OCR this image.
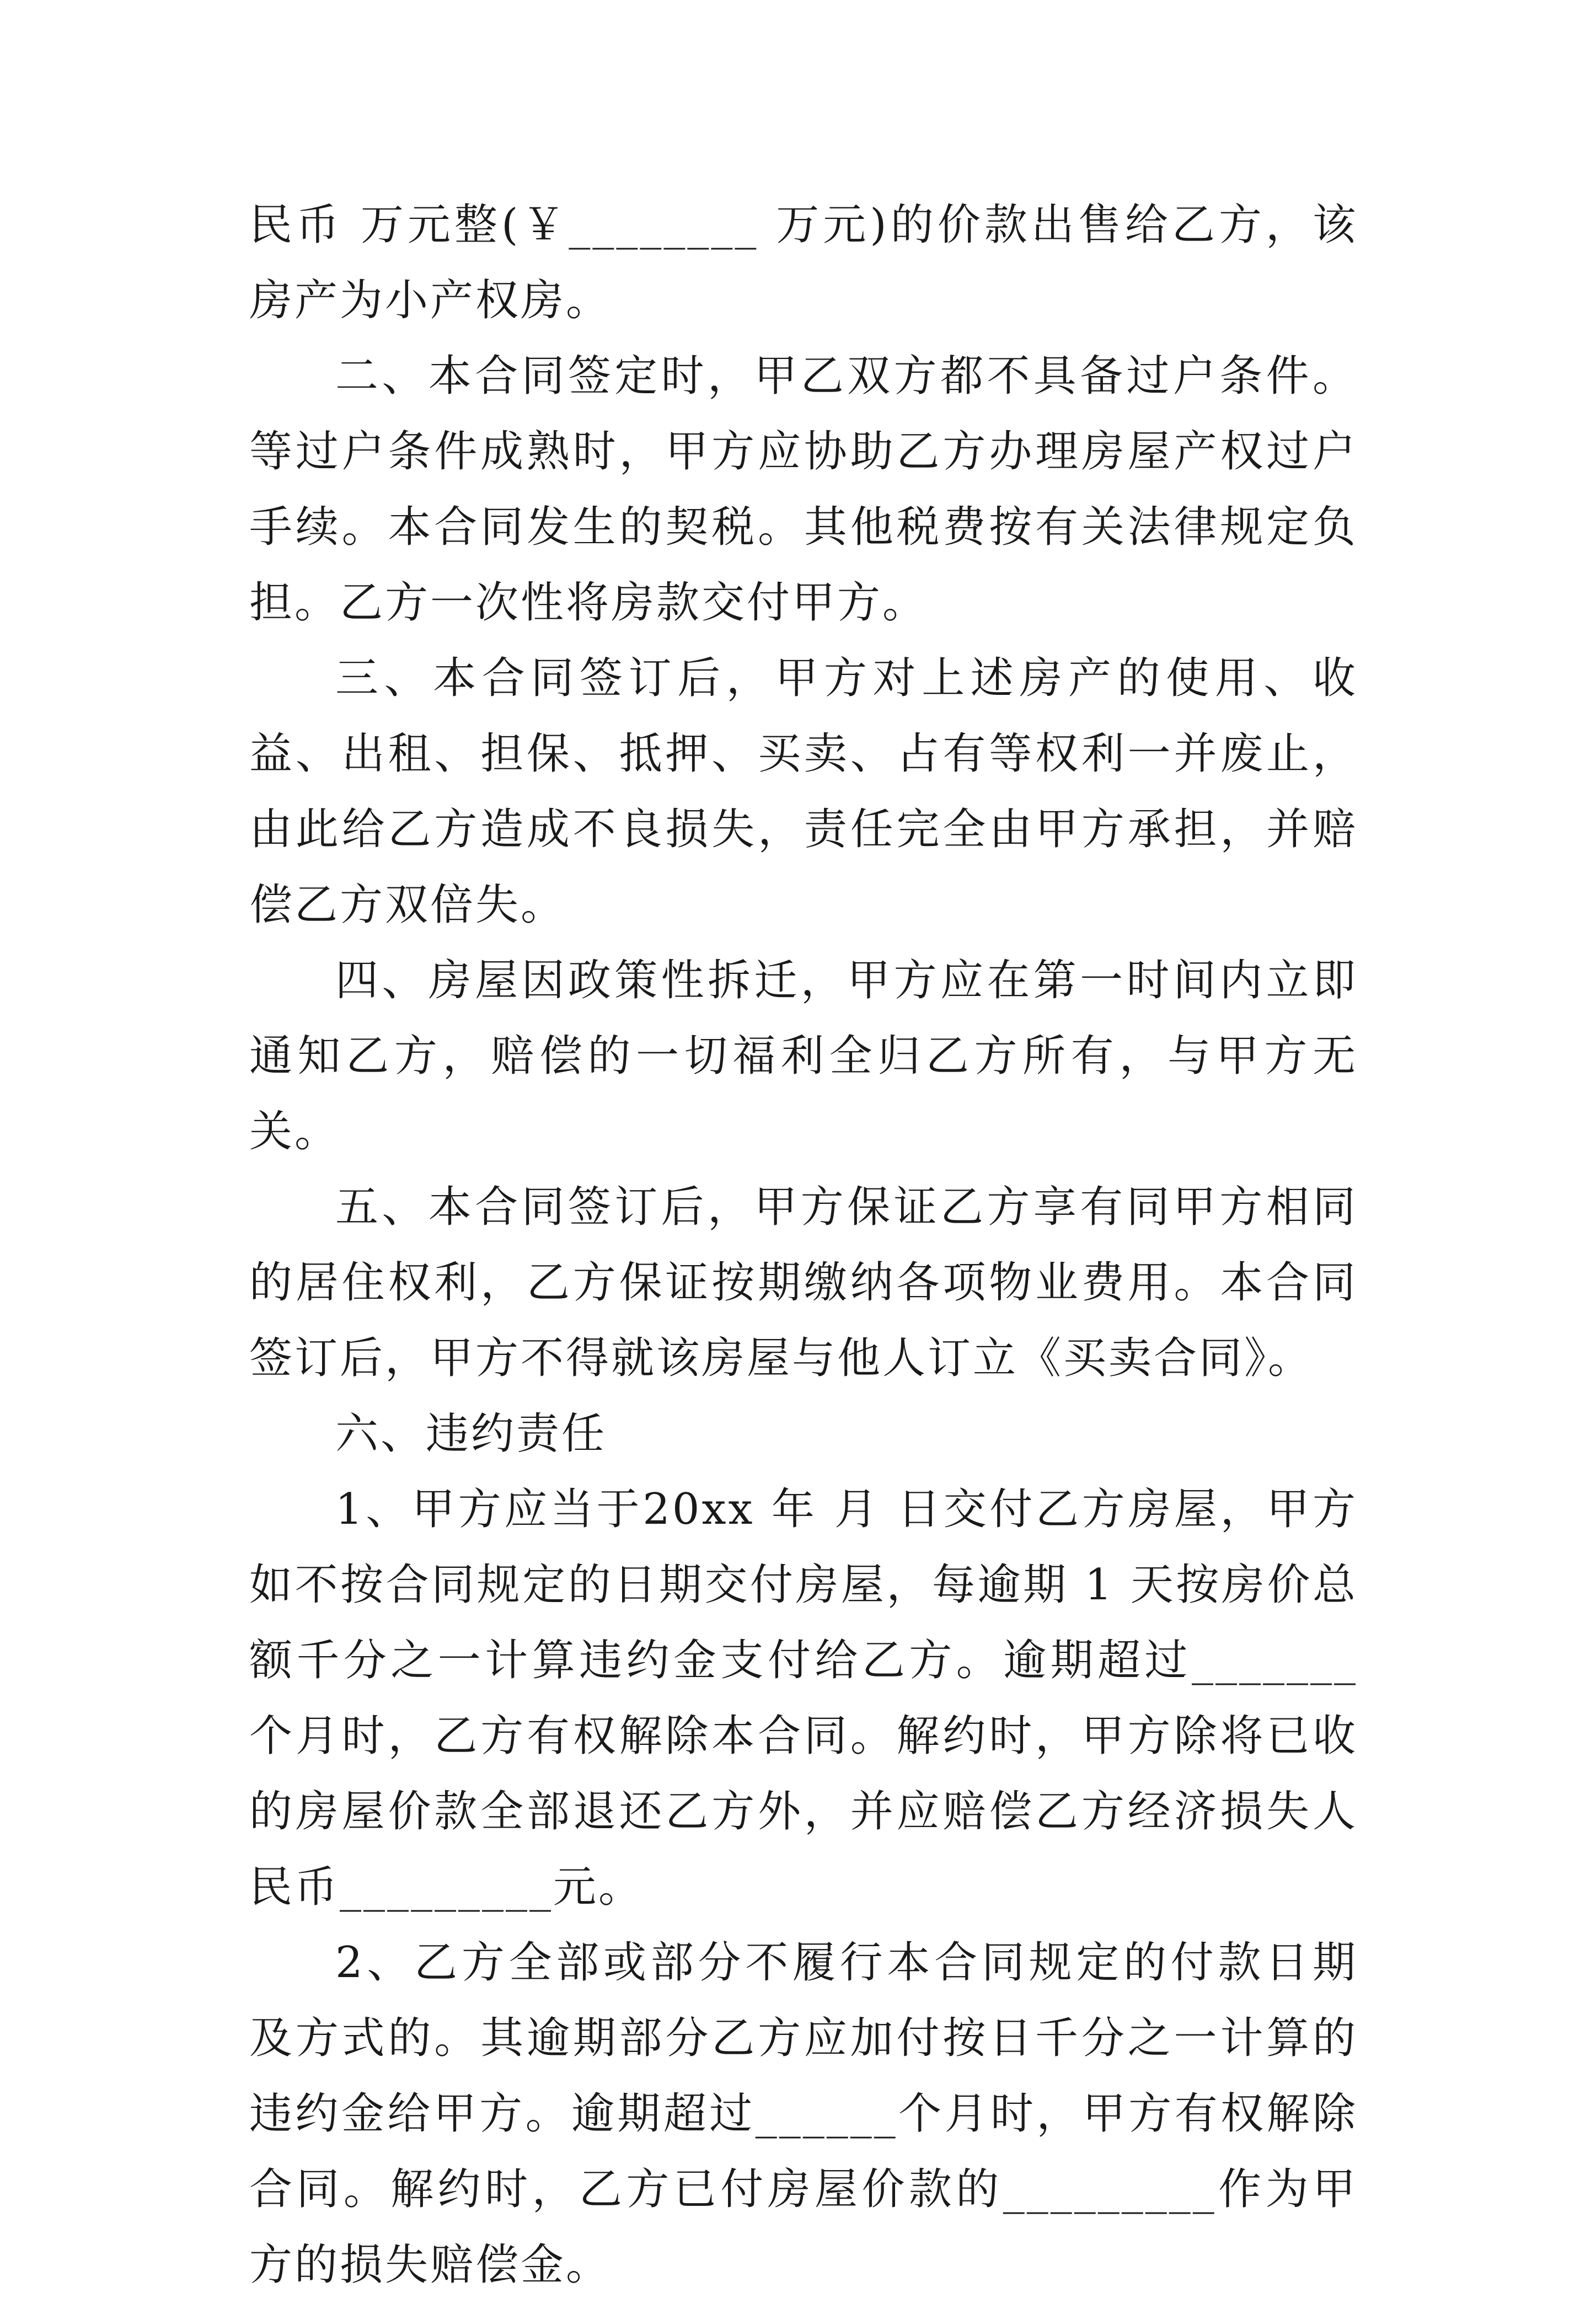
民币 万元整(￥________ 万元)的价款出售给乙方，该房产为小产权房。

二、本合同签定时，甲乙双方都不具备过户条件。等过户条件成熟时，甲方应协助乙方办理房屋产权过户手续。本合同发生的契税。其他税费按有关法律规定负担。乙方一次性将房款交付甲方。

三、本合同签订后，甲方对上述房产的使用、收益、出租、担保、抵押、买卖、占有等权利一并废止，由此给乙方造成不良损失，责任完全由甲方承担，并赔偿乙方双倍失。

四、房屋因政策性拆迁，甲方应在第一时间内立即通知乙方，赔偿的一切福利全归乙方所有，与甲方无关。

五、本合同签订后，甲方保证乙方享有同甲方相同的居住权利，乙方保证按期缴纳各项物业费用。本合同签订后，甲方不得就该房屋与他人订立《买卖合同》。

六、违约责任

1、甲方应当于20xx 年 月 日交付乙方房屋，甲方如不按合同规定的日期交付房屋，每逾期 1 天按房价总额千分之一计算违约金支付给乙方。逾期超过_______个月时，乙方有权解除本合同。解约时，甲方除将已收的房屋价款全部退还乙方外，并应赔偿乙方经济损失人民币_________元。

2、乙方全部或部分不履行本合同规定的付款日期及方式的。其逾期部分乙方应加付按日千分之一计算的违约金给甲方。逾期超过______个月时，甲方有权解除合同。解约时，乙方已付房屋价款的_________作为甲方的损失赔偿金。
